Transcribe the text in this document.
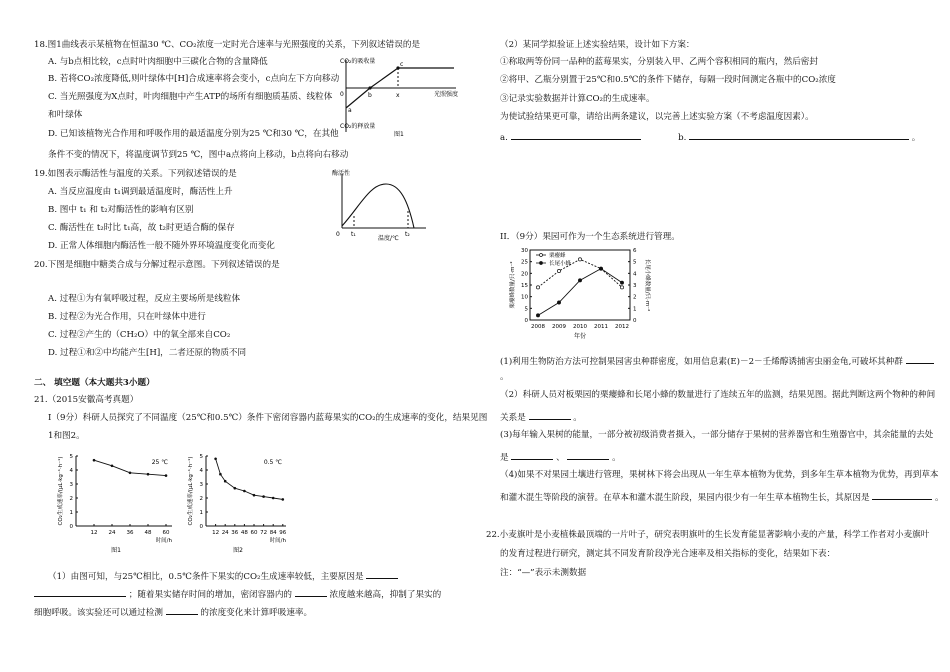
18.图1曲线表示某植物在恒温30 ℃、CO₂浓度一定时光合速率与光照强度的关系，下列叙述错误的是
A. 与b点相比较，c点时叶肉细胞中三碳化合物的含量降低
B. 若将CO₂浓度降低,则叶绿体中[H]合成速率将会变小，c点向左下方向移动
C. 当光照强度为X点时，叶肉细胞中产生ATP的场所有细胞质基质、线粒体
和叶绿体
D. 已知该植物光合作用和呼吸作用的最适温度分别为25 ℃和30 ℃，在其他
条件不变的情况下，将温度调节到25 ℃，图中a点将向上移动，b点将向右移动
CO₂的吸收量
CO₂的释放量
光照强度
a
b
c
x
0
图1
19.如图表示酶活性与温度的关系。下列叙述错误的是
A. 当反应温度由 t₁调到最适温度时，酶活性上升
B. 图中 t₁ 和 t₂对酶活性的影响有区别
C. 酶活性在 t₂时比 t₁高，故 t₂时更适合酶的保存
D. 正常人体细胞内酶活性一般不随外界环境温度变化而变化
酶活性
温度/℃
0 t₁	t₂
20.下图是细胞中糖类合成与分解过程示意图。下列叙述错误的是
A. 过程①为有氧呼吸过程，反应主要场所是线粒体
B. 过程②为光合作用，只在叶绿体中进行
C. 过程②产生的（CH₂O）中的氧全部来自CO₂
D. 过程①和②中均能产生[H]，二者还原的物质不同
二、 填空题（本大题共3小题）
21.（2015安徽高考真题）
Ⅰ（9分）科研人员探究了不同温度（25℃和0.5℃）条件下密闭容器内蓝莓果实的CO₂的生成速率的变化，结果见图
1和图2。
0
1
2
3
4
5
12 24 36 48 60
25 ℃
时间/h
图1
CO₂生成速率/(μL·kg⁻¹·h⁻¹)
0
1
2
3
4
5
12 24 36 48 60 72 84 96
0.5 ℃
时间/h
图2
CO₂生成速率/(μL·kg⁻¹·h⁻¹)
（1）由图可知，与25℃相比，0.5℃条件下果实的CO₂生成速率较低，主要原因是
；随着果实储存时间的增加，密闭容器内的	浓度越来越高，抑制了果实的
细胞呼吸。该实验还可以通过检测	的浓度变化来计算呼吸速率。
（2）某同学拟验证上述实验结果，设计如下方案：
①称取两等份同一品种的蓝莓果实，分别装入甲、乙两个容积相同的瓶内，然后密封
②将甲、乙瓶分别置于25℃和0.5℃的条件下储存，每隔一段时间测定各瓶中的CO₂浓度
③记录实验数据并计算CO₂的生成速率。
为使试验结果更可靠，请给出两条建议，以完善上述实验方案（不考虑温度因素）。
a.	b.	。
II．（9分）果园可作为一个生态系统进行管理。
0
5
10
15
20
25
30
0
1
2
3
4
5
6
2008 2009 2010 2011 2012
年份
栗瘿蜂数量/只·m⁻²	长尾小蜂数量/只·m⁻²
栗瘿蜂
长尾小蜂
(1)利用生物防治方法可控制果园害虫种群密度，如用信息素(E)－2－壬烯醇诱捕害虫丽金龟,可破坏其种群
。
（2）科研人员对板栗园的栗瘿蜂和长尾小蜂的数量进行了连续五年的监测，结果见图。据此判断这两个物种的种间
关系是	。
(3)每年输入果树的能量，一部分被初级消费者摄入，一部分储存于果树的营养器官和生殖器官中，其余能量的去处
是	、	。
（4)如果不对果园土壤进行管理，果树林下将会出现从一年生草本植物为优势，到多年生草本植物为优势，再到草本
和灌木混生等阶段的演替。在草本和灌木混生阶段，果园内很少有一年生草本植物生长，其原因是	。
22.小麦旗叶是小麦植株最顶端的一片叶子，研究表明旗叶的生长发育能显著影响小麦的产量，科学工作者对小麦旗叶
的发育过程进行研究，测定其不同发育阶段净光合速率及相关指标的变化，结果如下表：
注：“—”表示未测数据
